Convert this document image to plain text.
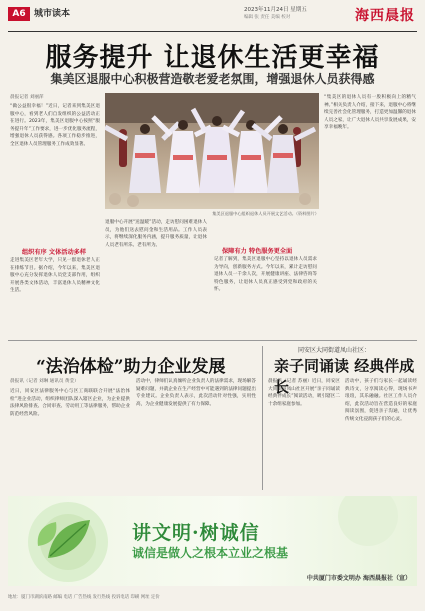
A6 城市读本	2023年11月24日 星期五
编辑 张 责任 美编 校对	海西晨报
服务提升 让退休生活更幸福
集美区退服中心积极营造敬老爱老氛围，增强退休人员获得感
晨报记者 刘丽萍
“做公益很幸福！”近日，记者来到集美区退服中心，看到老人们自发组织的公益活动正在进行。2023年，集美区退服中心按照“服务提升年”工作要求，进一步优化服务流程，增强退休人员获得感。各项工作稳步推进，全区退休人员管理服务工作成效显著。
组织有序 文体活动多样
走进集美区老年大学，只见一群退休老人正在排练节目。据介绍，今年以来，集美区退服中心充分发挥退休人员党支部作用，组织开展各类文体活动，丰富退休人员精神文化生活。
集美区退服中心组织退休人员开展文艺活动。（资料图片）
退服中心开展“送温暖”活动，走访慰问困难退休人员，为他们送去慰问金和生活用品。工作人员表示，将继续深化服务内涵，提升服务质量，让退休人员老有所乐、老有所为。
保障有力 特色服务更全面
记者了解到，集美区退服中心坚持以退休人员需求为导向，创新服务方式。今年以来，累计走访慰问退休人员一千余人次，开展健康讲座、法律咨询等特色服务，让退休人员真正感受到党和政府的关怀。
“集美区的退休人员有一股积极向上的精气神。”相关负责人介绍，接下来，退服中心将继续完善社会化管理服务，打造更加温馨的退休人员之家，让广大退休人员共享发展成果，安享幸福晚年。
“法治体检”助力企业发展
晨报讯（记者 刘琳 通讯员 黄莹）
近日，同安区法律服务中心与区工商联联合开展“法治体检”进企业活动，组织律师团队深入辖区企业，为企业提供法律风险排查、合同审查、劳动用工等法律服务，帮助企业防范经营风险。
活动中，律师们认真倾听企业负责人的法律需求，现场解答疑难问题，并就企业在生产经营中可能遇到的法律问题提出专业建议。企业负责人表示，此次活动针对性强，实用性高，为企业健康发展提供了有力保障。
同安区大同街道凤山社区：
亲子同诵读 经典伴成长
晨报讯（记者 苏丽）近日，同安区大同街道凤山社区开展“亲子同诵读 经典伴成长”阅读活动，吸引辖区二十余组家庭参加。
活动中，孩子们与家长一起诵读经典诗文，分享阅读心得，现场书声琅琅，其乐融融。社区工作人员介绍，此次活动旨在营造良好的家庭阅读氛围，促进亲子沟通，让优秀传统文化浸润孩子们的心灵。
讲文明·树诚信
诚信是做人之根本立业之根基
中共厦门市委文明办 海西晨报社（宣）
地址：厦门市湖滨南路 邮编 电话 广告热线 发行热线 投诉电话 印刷 网址 定价
